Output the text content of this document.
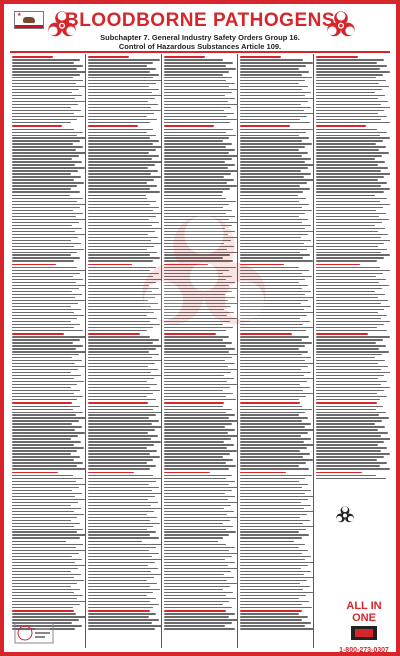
★	BLOODBORNE PATHOGENS
Subchapter 7. General Industry Safety Orders Group 16.
Control of Hazardous Substances Article 109.
ALL IN ONE
1-800-273-0307
